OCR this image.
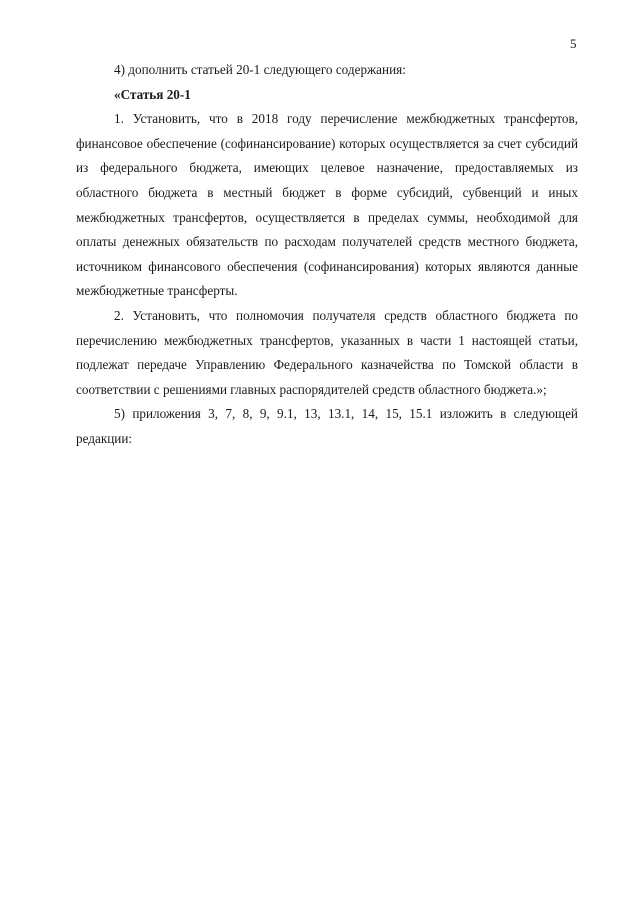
5

4) дополнить статьей 20-1 следующего содержания:

«Статья 20-1

1. Установить, что в 2018 году перечисление межбюджетных трансфертов, финансовое обеспечение (софинансирование) которых осуществляется за счет субсидий из федерального бюджета, имеющих целевое назначение, предоставляемых из областного бюджета в местный бюджет в форме субсидий, субвенций и иных межбюджетных трансфертов, осуществляется в пределах суммы, необходимой для оплаты денежных обязательств по расходам получателей средств местного бюджета, источником финансового обеспечения (софинансирования) которых являются данные межбюджетные трансферты.

2. Установить, что полномочия получателя средств областного бюджета по перечислению межбюджетных трансфертов, указанных в части 1 настоящей статьи, подлежат передаче Управлению Федерального казначейства по Томской области в соответствии с решениями главных распорядителей средств областного бюджета.»;

5) приложения 3, 7, 8, 9, 9.1, 13, 13.1, 14, 15, 15.1 изложить в следующей редакции:
